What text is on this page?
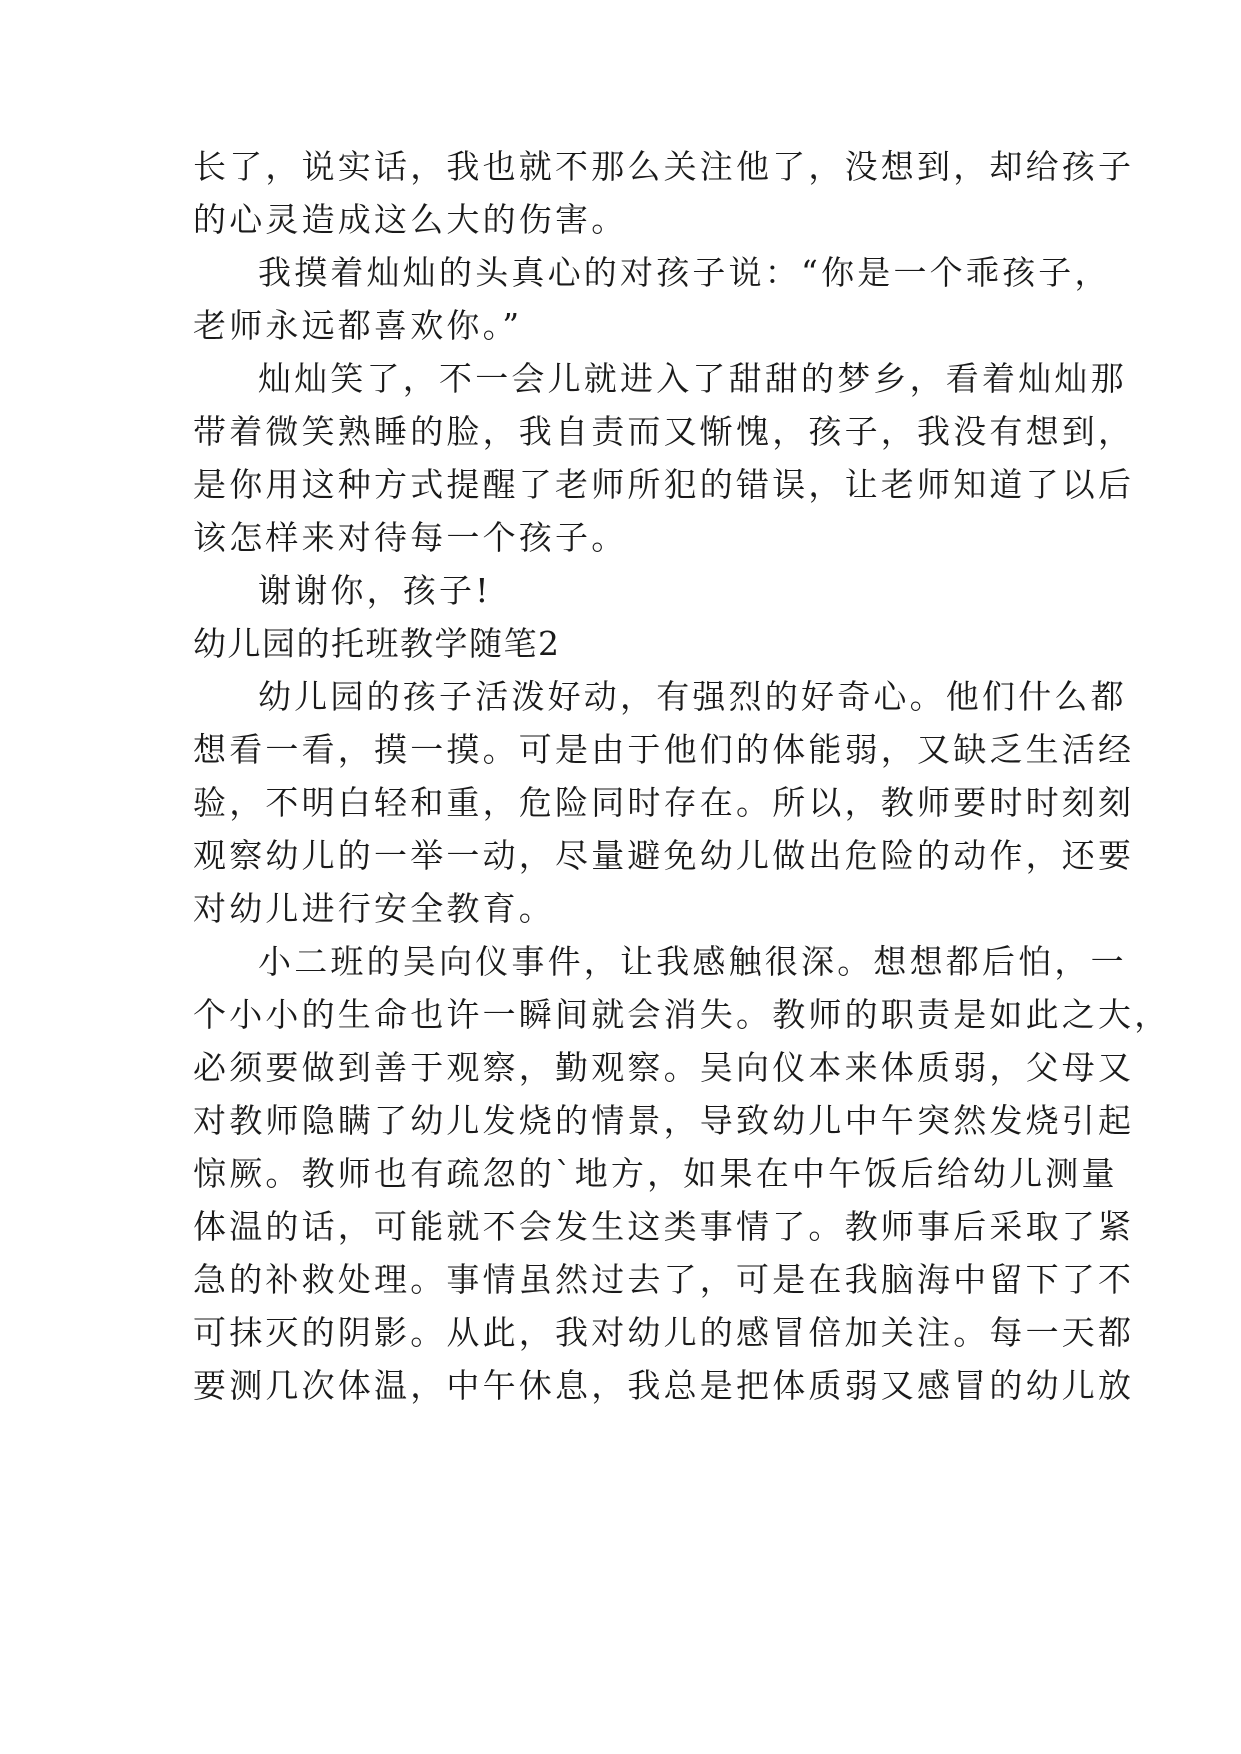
长了，说实话，我也就不那么关注他了，没想到，却给孩子
的心灵造成这么大的伤害。
我摸着灿灿的头真心的对孩子说：“你是一个乖孩子，
老师永远都喜欢你。”
灿灿笑了，不一会儿就进入了甜甜的梦乡，看着灿灿那
带着微笑熟睡的脸，我自责而又惭愧，孩子，我没有想到，
是你用这种方式提醒了老师所犯的错误，让老师知道了以后
该怎样来对待每一个孩子。
谢谢你，孩子!
幼儿园的托班教学随笔2
幼儿园的孩子活泼好动，有强烈的好奇心。他们什么都
想看一看，摸一摸。可是由于他们的体能弱，又缺乏生活经
验，不明白轻和重，危险同时存在。所以，教师要时时刻刻
观察幼儿的一举一动，尽量避免幼儿做出危险的动作，还要
对幼儿进行安全教育。
小二班的吴向仪事件，让我感触很深。想想都后怕，一
个小小的生命也许一瞬间就会消失。教师的职责是如此之大，
必须要做到善于观察，勤观察。吴向仪本来体质弱，父母又
对教师隐瞒了幼儿发烧的情景，导致幼儿中午突然发烧引起
惊厥。教师也有疏忽的`地方，如果在中午饭后给幼儿测量
体温的话，可能就不会发生这类事情了。教师事后采取了紧
急的补救处理。事情虽然过去了，可是在我脑海中留下了不
可抹灭的阴影。从此，我对幼儿的感冒倍加关注。每一天都
要测几次体温，中午休息，我总是把体质弱又感冒的幼儿放
